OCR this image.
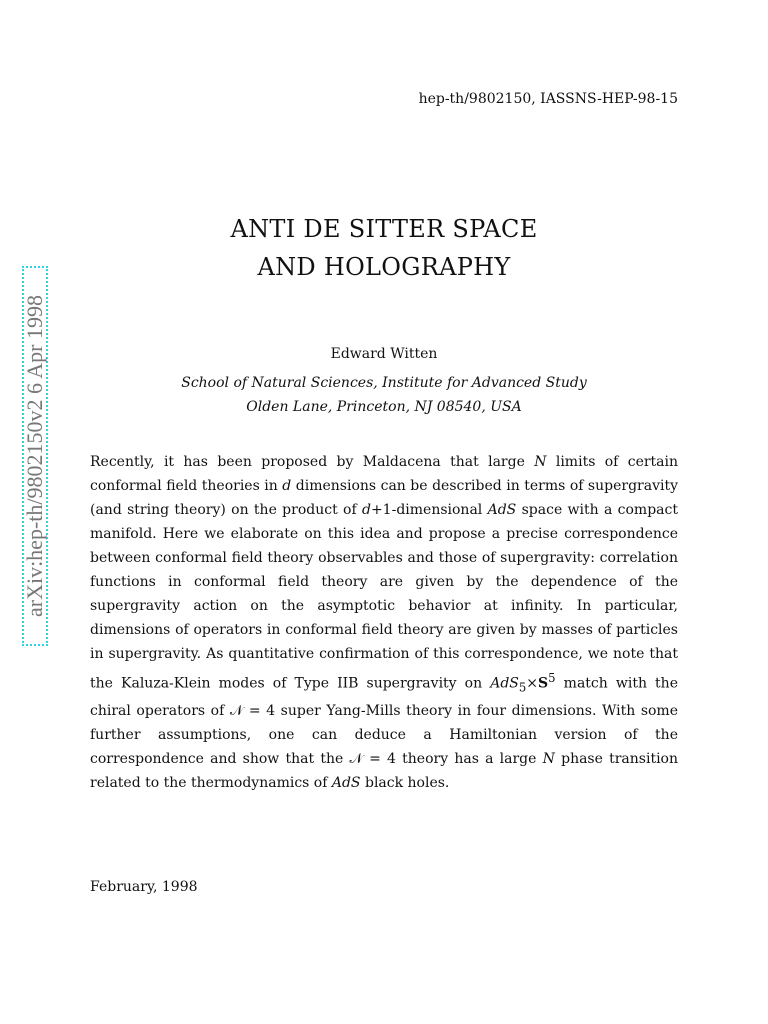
arXiv:hep-th/9802150v2 6 Apr 1998
hep-th/9802150, IASSNS-HEP-98-15
ANTI DE SITTER SPACE
AND HOLOGRAPHY
Edward Witten
School of Natural Sciences, Institute for Advanced Study
Olden Lane, Princeton, NJ 08540, USA

Recently, it has been proposed by Maldacena that large N limits of certain conformal field theories in d dimensions can be described in terms of supergravity (and string theory) on the product of d+1-dimensional AdS space with a compact manifold. Here we elaborate on this idea and propose a precise correspondence between conformal field theory observables and those of supergravity: correlation functions in conformal field theory are given by the dependence of the supergravity action on the asymptotic behavior at infinity. In particular, dimensions of operators in conformal field theory are given by masses of particles in supergravity. As quantitative confirmation of this correspondence, we note that the Kaluza-Klein modes of Type IIB supergravity on $AdS_5\times S^5$ match with the chiral operators of 𝒩 = 4 super Yang-Mills theory in four dimensions. With some further assumptions, one can deduce a Hamiltonian version of the correspondence and show that the 𝒩 = 4 theory has a large N phase transition related to the thermodynamics of AdS black holes.

February, 1998
